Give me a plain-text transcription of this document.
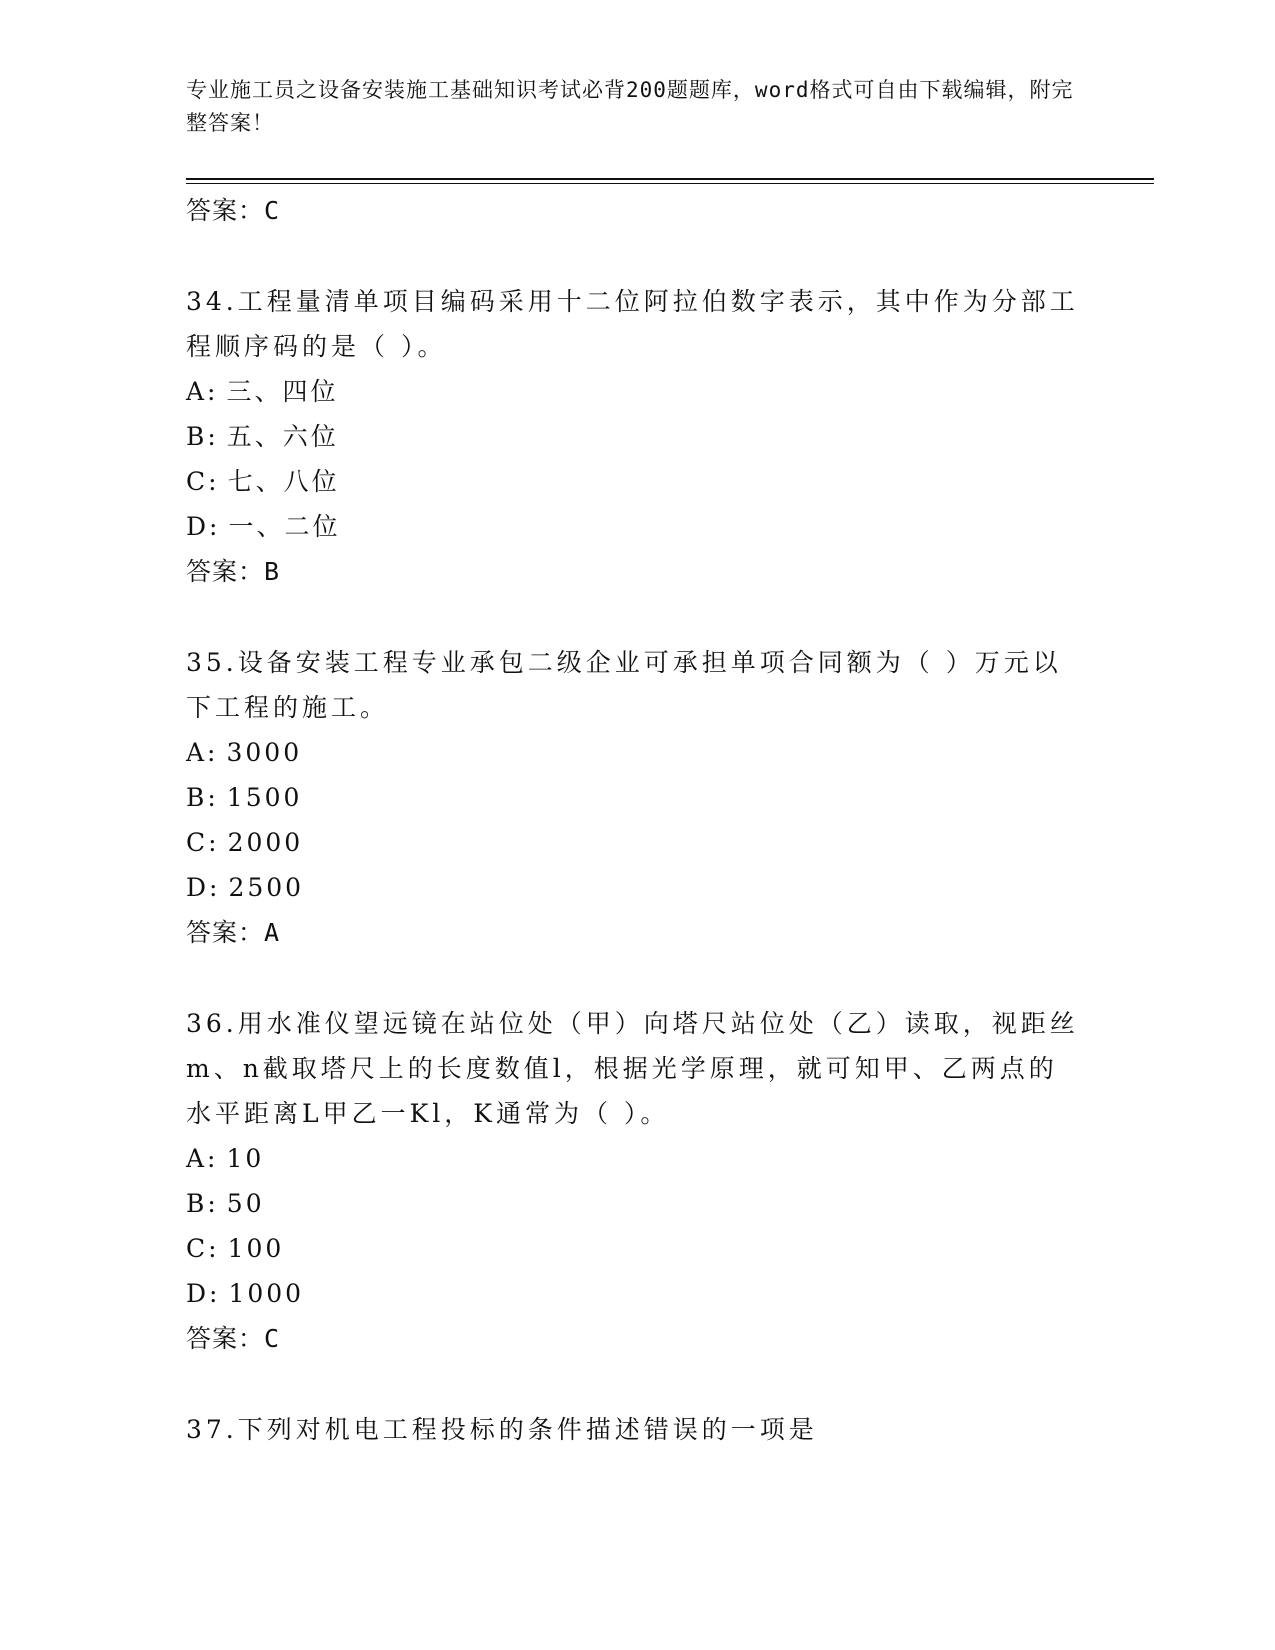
专业施工员之设备安装施工基础知识考试必背200题题库，word格式可自由下载编辑，附完整答案！
答案：C
34.工程量清单项目编码采用十二位阿拉伯数字表示，其中作为分部工程顺序码的是（ ）。
A: 三、四位
B: 五、六位
C: 七、八位
D: 一、二位
答案：B
35.设备安装工程专业承包二级企业可承担单项合同额为（ ）万元以下工程的施工。
A: 3000
B: 1500
C: 2000
D: 2500
答案：A
36.用水准仪望远镜在站位处（甲）向塔尺站位处（乙）读取，视距丝m、n截取塔尺上的长度数值l，根据光学原理，就可知甲、乙两点的水平距离L甲乙一Kl，K通常为（ ）。
A: 10
B: 50
C: 100
D: 1000
答案：C
37.下列对机电工程投标的条件描述错误的一项是
